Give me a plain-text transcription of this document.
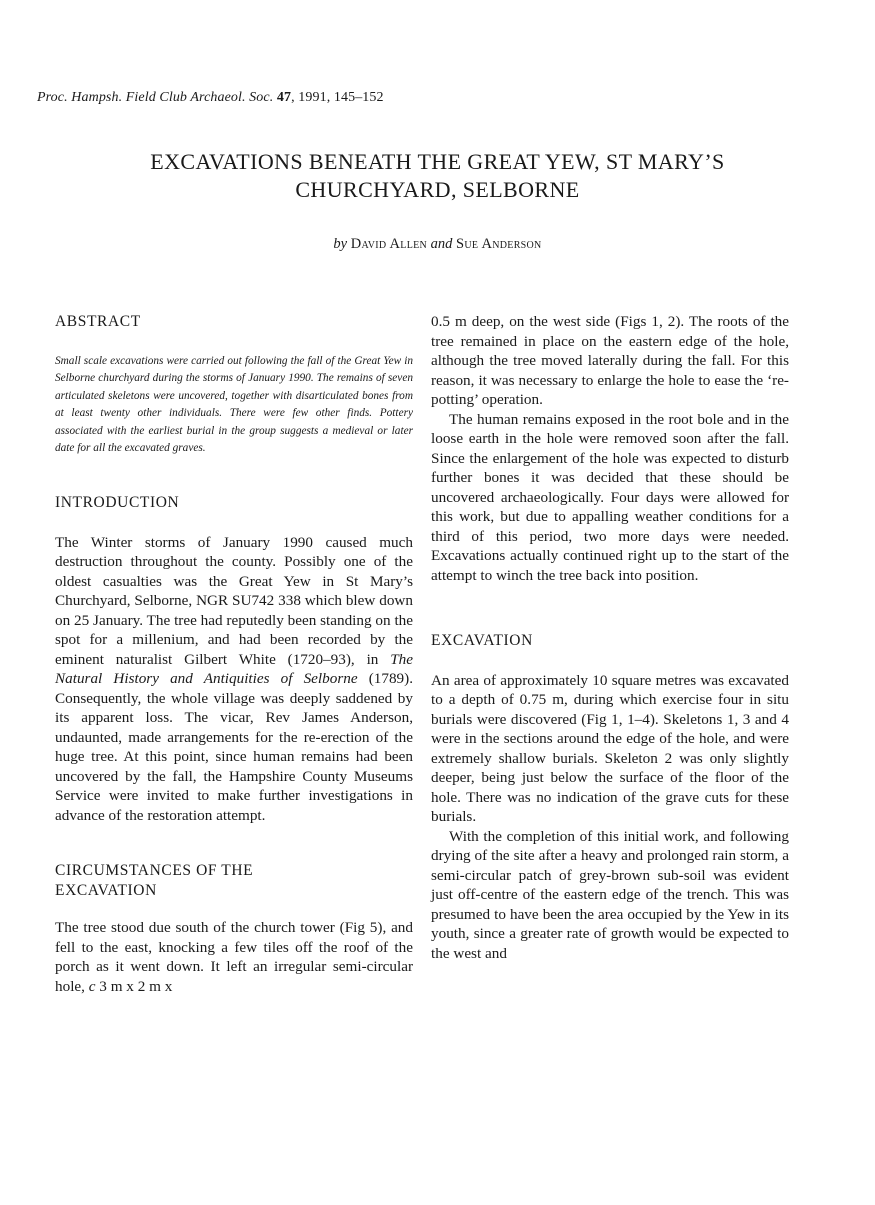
Proc. Hampsh. Field Club Archaeol. Soc. 47, 1991, 145–152
EXCAVATIONS BENEATH THE GREAT YEW, ST MARY’S
CHURCHYARD, SELBORNE
by David Allen and Sue Anderson
ABSTRACT

Small scale excavations were carried out following the fall of the Great Yew in Selborne churchyard during the storms of January 1990. The remains of seven articulated skeletons were uncovered, together with disarticulated bones from at least twenty other individuals. There were few other finds. Pottery associated with the earliest burial in the group suggests a medieval or later date for all the excavated graves.

INTRODUCTION

The Winter storms of January 1990 caused much destruction throughout the county. Possibly one of the oldest casualties was the Great Yew in St Mary’s Churchyard, Selborne, NGR SU742 338 which blew down on 25 January. The tree had reputedly been standing on the spot for a millenium, and had been recorded by the eminent naturalist Gilbert White (1720–93), in The Natural History and Antiquities of Selborne (1789). Consequently, the whole village was deeply saddened by its apparent loss. The vicar, Rev James Anderson, undaunted, made arrangements for the re-erection of the huge tree. At this point, since human remains had been uncovered by the fall, the Hampshire County Museums Service were invited to make further investigations in advance of the restoration attempt.

CIRCUMSTANCES OF THE
EXCAVATION

The tree stood due south of the church tower (Fig 5), and fell to the east, knocking a few tiles off the roof of the porch as it went down. It left an irregular semi-circular hole, c 3 m x 2 m x

0.5 m deep, on the west side (Figs 1, 2). The roots of the tree remained in place on the eastern edge of the hole, although the tree moved laterally during the fall. For this reason, it was necessary to enlarge the hole to ease the ‘re-potting’ operation.

The human remains exposed in the root bole and in the loose earth in the hole were removed soon after the fall. Since the enlargement of the hole was expected to disturb further bones it was decided that these should be uncovered archaeologically. Four days were allowed for this work, but due to appalling weather conditions for a third of this period, two more days were needed. Excavations actually continued right up to the start of the attempt to winch the tree back into position.

EXCAVATION

An area of approximately 10 square metres was excavated to a depth of 0.75 m, during which exercise four in situ burials were discovered (Fig 1, 1–4). Skeletons 1, 3 and 4 were in the sections around the edge of the hole, and were extremely shallow burials. Skeleton 2 was only slightly deeper, being just below the surface of the floor of the hole. There was no indication of the grave cuts for these burials.

With the completion of this initial work, and following drying of the site after a heavy and prolonged rain storm, a semi-circular patch of grey-brown sub-soil was evident just off-centre of the eastern edge of the trench. This was presumed to have been the area occupied by the Yew in its youth, since a greater rate of growth would be expected to the west and
